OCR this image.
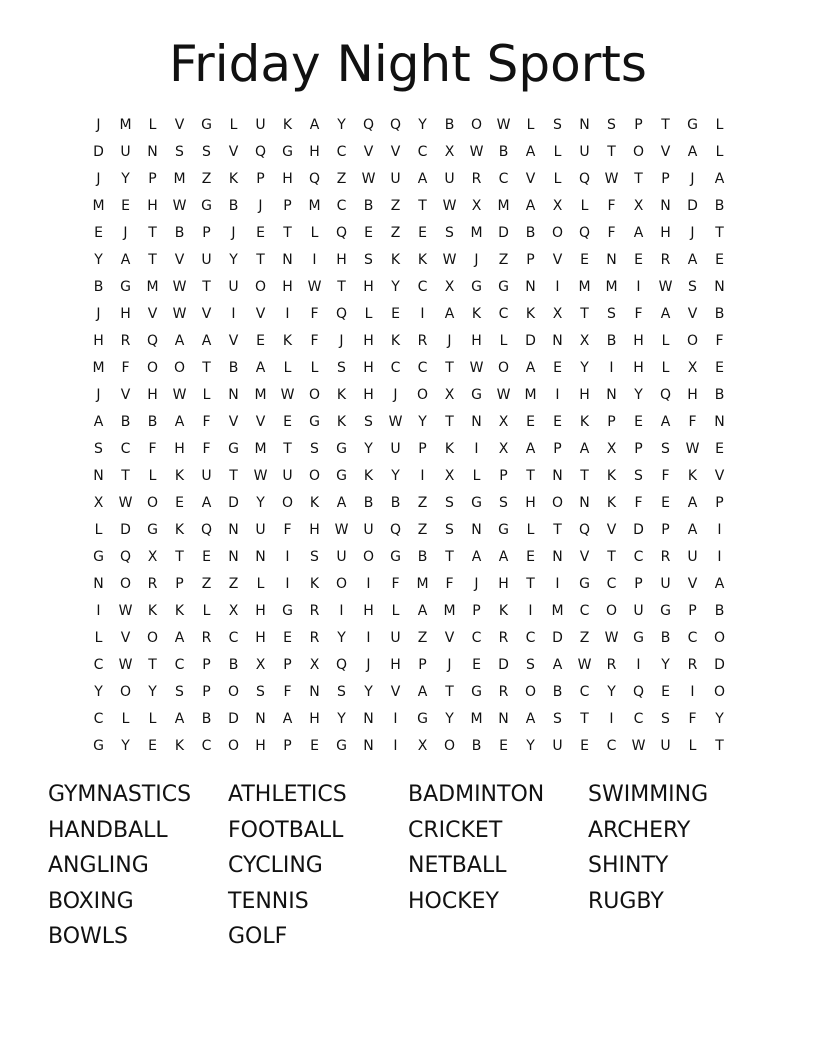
Friday Night Sports
J	M	L	V	G	L	U	K	A	Y	Q	Q	Y	B	O	W	L	S	N	S	P	T	G	L
D	U	N	S	S	V	Q	G	H	C	V	V	C	X	W	B	A	L	U	T	O	V	A	L
J	Y	P	M	Z	K	P	H	Q	Z	W	U	A	U	R	C	V	L	Q	W	T	P	J	A
M	E	H	W	G	B	J	P	M	C	B	Z	T	W	X	M	A	X	L	F	X	N	D	B
E	J	T	B	P	J	E	T	L	Q	E	Z	E	S	M	D	B	O	Q	F	A	H	J	T
Y	A	T	V	U	Y	T	N	I	H	S	K	K	W	J	Z	P	V	E	N	E	R	A	E
B	G	M	W	T	U	O	H	W	T	H	Y	C	X	G	G	N	I	M	M	I	W	S	N
J	H	V	W	V	I	V	I	F	Q	L	E	I	A	K	C	K	X	T	S	F	A	V	B
H	R	Q	A	A	V	E	K	F	J	H	K	R	J	H	L	D	N	X	B	H	L	O	F
M	F	O	O	T	B	A	L	L	S	H	C	C	T	W	O	A	E	Y	I	H	L	X	E
J	V	H	W	L	N	M	W	O	K	H	J	O	X	G	W	M	I	H	N	Y	Q	H	B
A	B	B	A	F	V	V	E	G	K	S	W	Y	T	N	X	E	E	K	P	E	A	F	N
S	C	F	H	F	G	M	T	S	G	Y	U	P	K	I	X	A	P	A	X	P	S	W	E
N	T	L	K	U	T	W	U	O	G	K	Y	I	X	L	P	T	N	T	K	S	F	K	V
X	W	O	E	A	D	Y	O	K	A	B	B	Z	S	G	S	H	O	N	K	F	E	A	P
L	D	G	K	Q	N	U	F	H	W	U	Q	Z	S	N	G	L	T	Q	V	D	P	A	I
G	Q	X	T	E	N	N	I	S	U	O	G	B	T	A	A	E	N	V	T	C	R	U	I
N	O	R	P	Z	Z	L	I	K	O	I	F	M	F	J	H	T	I	G	C	P	U	V	A
I	W	K	K	L	X	H	G	R	I	H	L	A	M	P	K	I	M	C	O	U	G	P	B
L	V	O	A	R	C	H	E	R	Y	I	U	Z	V	C	R	C	D	Z	W	G	B	C	O
C	W	T	C	P	B	X	P	X	Q	J	H	P	J	E	D	S	A	W	R	I	Y	R	D
Y	O	Y	S	P	O	S	F	N	S	Y	V	A	T	G	R	O	B	C	Y	Q	E	I	O
C	L	L	A	B	D	N	A	H	Y	N	I	G	Y	M	N	A	S	T	I	C	S	F	Y
G	Y	E	K	C	O	H	P	E	G	N	I	X	O	B	E	Y	U	E	C	W	U	L	T
GYMNASTICS	ATHLETICS	BADMINTON	SWIMMING
HANDBALL	FOOTBALL	CRICKET	ARCHERY
ANGLING	CYCLING	NETBALL	SHINTY
BOXING	TENNIS	HOCKEY	RUGBY
BOWLS	GOLF
